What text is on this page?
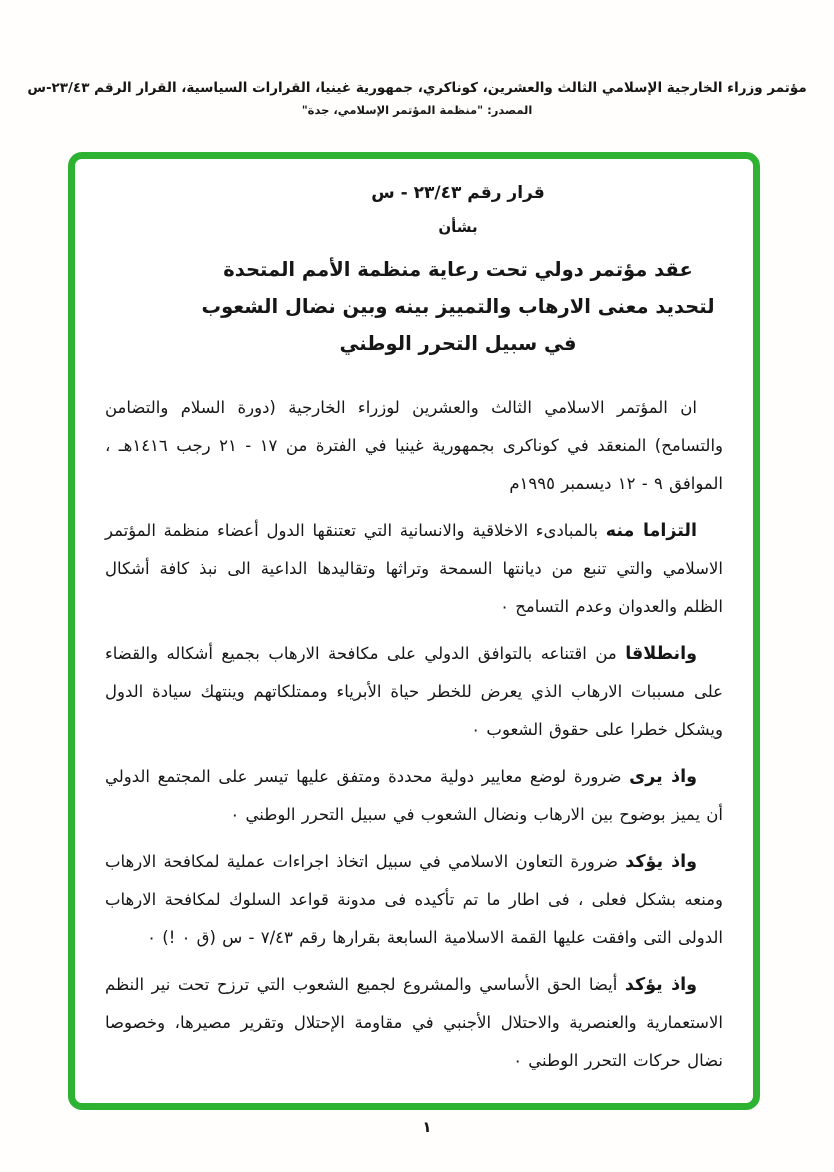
مؤتمر وزراء الخارجية الإسلامي الثالث والعشرين، كوناكري، جمهورية غينيا، القرارات السياسية، القرار الرقم ٢٣/٤٣-س
المصدر: "منظمة المؤتمر الإسلامي، جدة"

قرار رقم ٢٣/٤٣ - س

بشأن

عقد مؤتمر دولي تحت رعاية منظمة الأمم المتحدة

لتحديد معنى الارهاب والتمييز بينه وبين نضال الشعوب

في سبيل التحرر الوطني

ان المؤتمر الاسلامي الثالث والعشرين لوزراء الخارجية (دورة السلام والتضامن والتسامح) المنعقد في كوناكرى بجمهورية غينيا في الفترة من ١٧ - ٢١ رجب ١٤١٦هـ ، الموافق ٩ - ١٢ ديسمبر ١٩٩٥م

التزاما منه بالمبادىء الاخلاقية والانسانية التي تعتنقها الدول أعضاء منظمة المؤتمر الاسلامي والتي تنبع من ديانتها السمحة وتراثها وتقاليدها الداعية الى نبذ كافة أشكال الظلم والعدوان وعدم التسامح ٠

وانطلاقا من اقتناعه بالتوافق الدولي على مكافحة الارهاب بجميع أشكاله والقضاء على مسببات الارهاب الذي يعرض للخطر حياة الأبرياء وممتلكاتهم وينتهك سيادة الدول ويشكل خطرا على حقوق الشعوب ٠

واذ يرى ضرورة لوضع معايير دولية محددة ومتفق عليها تيسر على المجتمع الدولي أن يميز بوضوح بين الارهاب ونضال الشعوب في سبيل التحرر الوطني ٠

واذ يؤكد ضرورة التعاون الاسلامي في سبيل اتخاذ اجراءات عملية لمكافحة الارهاب ومنعه بشكل فعلى ، فى اطار ما تم تأكيده فى مدونة قواعد السلوك لمكافحة الارهاب الدولى التى وافقت عليها القمة الاسلامية السابعة بقرارها رقم ٧/٤٣ - س (ق ٠ !) ٠

واذ يؤكد أيضا الحق الأساسي والمشروع لجميع الشعوب التي ترزح تحت نير النظم الاستعمارية والعنصرية والاحتلال الأجنبي في مقاومة الإحتلال وتقرير مصيرها، وخصوصا نضال حركات التحرر الوطني ٠

١
